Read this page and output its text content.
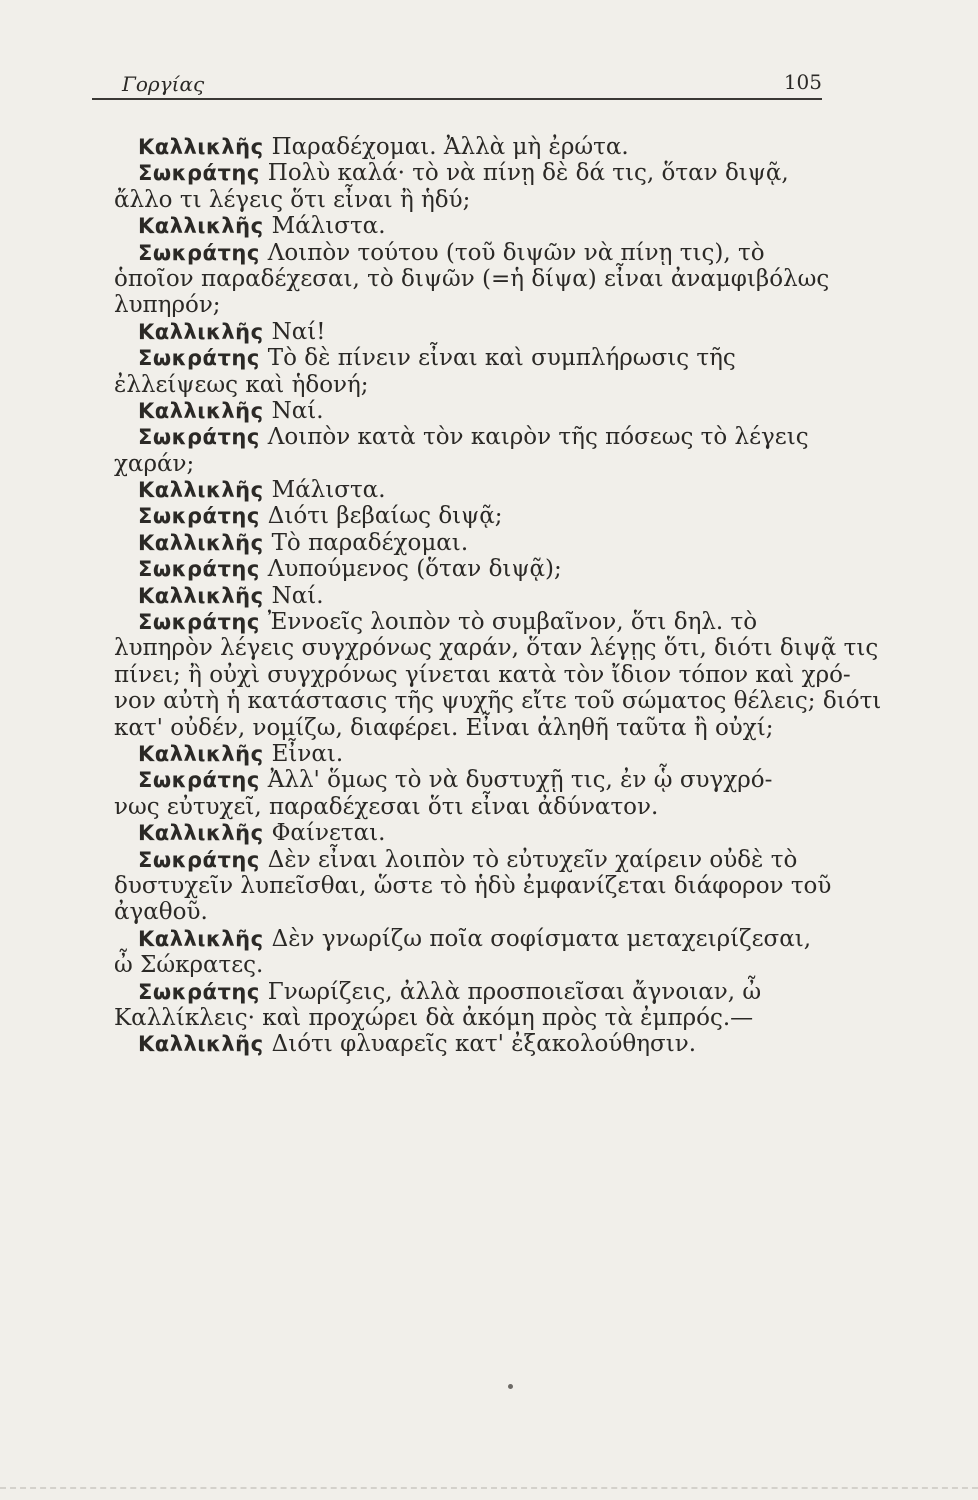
Γοργίας	105
Καλλικλῆς Παραδέχομαι. Ἀλλὰ μὴ ἐρώτα.
Σωκράτης Πολὺ καλά· τὸ νὰ πίνῃ δὲ δά τις, ὅταν διψᾷ,
ἄλλο τι λέγεις ὅτι εἶναι ἢ ἡδύ;
Καλλικλῆς Μάλιστα.
Σωκράτης Λοιπὸν τούτου (τοῦ διψῶν νὰ πίνῃ τις), τὸ
ὁποῖον παραδέχεσαι, τὸ διψῶν (=ἡ δίψα) εἶναι ἀναμφιβόλως
λυπηρόν;
Καλλικλῆς Ναί!
Σωκράτης Τὸ δὲ πίνειν εἶναι καὶ συμπλήρωσις τῆς
ἐλλείψεως καὶ ἡδονή;
Καλλικλῆς Ναί.
Σωκράτης Λοιπὸν κατὰ τὸν καιρὸν τῆς πόσεως τὸ λέγεις
χαράν;
Καλλικλῆς Μάλιστα.
Σωκράτης Διότι βεβαίως διψᾷ;
Καλλικλῆς Τὸ παραδέχομαι.
Σωκράτης Λυπούμενος (ὅταν διψᾷ);
Καλλικλῆς Ναί.
Σωκράτης Ἐννοεῖς λοιπὸν τὸ συμβαῖνον, ὅτι δηλ. τὸ
λυπηρὸν λέγεις συγχρόνως χαράν, ὅταν λέγῃς ὅτι, διότι διψᾷ τις
πίνει; ἢ οὐχὶ συγχρόνως γίνεται κατὰ τὸν ἴδιον τόπον καὶ χρό-
νον αὐτὴ ἡ κατάστασις τῆς ψυχῆς εἴτε τοῦ σώματος θέλεις; διότι
κατ' οὐδέν, νομίζω, διαφέρει. Εἶναι ἀληθῆ ταῦτα ἢ οὐχί;
Καλλικλῆς Εἶναι.
Σωκράτης Ἀλλ' ὅμως τὸ νὰ δυστυχῇ τις, ἐν ᾧ συγχρό-
νως εὐτυχεῖ, παραδέχεσαι ὅτι εἶναι ἀδύνατον.
Καλλικλῆς Φαίνεται.
Σωκράτης Δὲν εἶναι λοιπὸν τὸ εὐτυχεῖν χαίρειν οὐδὲ τὸ
δυστυχεῖν λυπεῖσθαι, ὥστε τὸ ἡδὺ ἐμφανίζεται διάφορον τοῦ
ἀγαθοῦ.
Καλλικλῆς Δὲν γνωρίζω ποῖα σοφίσματα μεταχειρίζεσαι,
ὦ Σώκρατες.
Σωκράτης Γνωρίζεις, ἀλλὰ προσποιεῖσαι ἄγνοιαν, ὦ
Καλλίκλεις· καὶ προχώρει δὰ ἀκόμη πρὸς τὰ ἐμπρός.—
Καλλικλῆς Διότι φλυαρεῖς κατ' ἐξακολούθησιν.
